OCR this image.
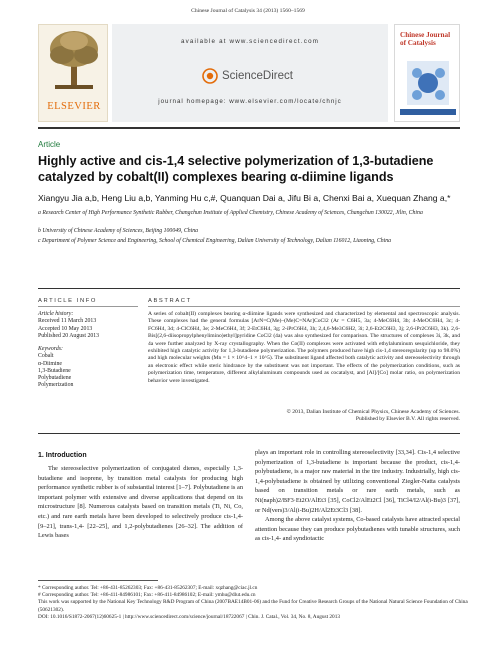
Chinese Journal of Catalysis 34 (2013) 1560–1569
ELSEVIER
available at www.sciencedirect.com
ScienceDirect
journal homepage: www.elsevier.com/locate/chnjc
Chinese Journal of Catalysis
Article
Highly active and cis-1,4 selective polymerization of 1,3-butadiene catalyzed by cobalt(II) complexes bearing α-diimine ligands
Xiangyu Jia a,b, Heng Liu a,b, Yanming Hu c,#, Quanquan Dai a, Jifu Bi a, Chenxi Bai a, Xuequan Zhang a,*
a Research Center of High Performance Synthetic Rubber, Changchun Institute of Applied Chemistry, Chinese Academy of Sciences, Changchun 130022, Jilin, China
b University of Chinese Academy of Sciences, Beijing 100049, China
c Department of Polymer Science and Engineering, School of Chemical Engineering, Dalian University of Technology, Dalian 116012, Liaoning, China
ARTICLE INFO	ABSTRACT
Article history:
Received 11 March 2013
Accepted 10 May 2013
Published 20 August 2013
Keywords:
Cobalt
α-Diimine
1,3-Butadiene
Polybutadiene
Polymerization
A series of cobalt(II) complexes bearing α-diimine ligands were synthesized and characterized by elemental and spectroscopic analysis. These complexes had the general formulas [ArN=C(Me)–(Me)C=NAr]CoCl2 (Ar = C6H5, 3a; 4-MeC6H4, 3b; 4-MeOC6H4, 3c; 4-FC6H4, 3d; 4-ClC6H4, 3e; 2-MeC6H4, 3f; 2-EtC6H4, 3g; 2-iPrC6H4, 3h; 2,4,6-Me3C6H2, 3i; 2,6-Et2C6H3, 3j; 2,6-iPr2C6H3, 3k). 2,6-Bis[(2,6-diisopropylphenylimino)ethyl]pyridine CoCl2 (4a) was also synthesized for comparison. The structures of complexes 3i, 3k, and 4a were further analyzed by X-ray crystallography. When the Co(II) complexes were activated with ethylaluminum sesquichloride, they exhibited high catalytic activity for 1,3-butadiene polymerization. The polymers produced have high cis-1,4 stereoregularity (up to 98.0%) and high molecular weights (Mn = 1 × 10^4–1 × 10^5). The substituent ligand affected both catalytic activity and stereoselectivity through an electronic effect while steric hindrance by the substituent was not important. The effects of the polymerization conditions, such as polymerization time, temperature, different alkylaluminum compounds used as cocatalyst, and [Al]/[Co] molar ratio, on polymerization behavior were investigated.
© 2013, Dalian Institute of Chemical Physics, Chinese Academy of Sciences.
Published by Elsevier B.V. All rights reserved.
1. Introduction

The stereoselective polymerization of conjugated dienes, especially 1,3-butadiene and isoprene, by transition metal catalysts for producing high performance synthetic rubber is of substantial interest [1–7]. Polybutadiene is an important polymer with extensive and diverse applications that depend on its microstructure [8]. Numerous catalysts based on transition metals (Ti, Ni, Co, etc.) and rare earth metals have been developed to selectively produce cis-1,4- [9–21], trans-1,4- [22–25], and 1,2-polybutadienes [26–32]. The addition of Lewis bases

plays an important role in controlling stereoselectivity [33,34]. Cis-1,4 selective polymerization of 1,3-butadiene is important because the product, cis-1,4-polybutadiene, is a major raw material in the tire industry. Industrially, high cis-1,4-polybutadiene is obtained by utilizing conventional Ziegler-Natta catalysts based on transition metals or rare earth metals, such as Ni(naph)2/BF3·Et2O/AlEt3 [35], CoCl2/AlEt2Cl [36], TiCl4/I2/Al(i-Bu)3 [37], or Nd(vers)3/Al(i-Bu)2H/Al2Et3Cl3 [38].

Among the above catalyst systems, Co-based catalysts have attracted special attention because they can produce polybutadienes with tunable structures, such as cis-1,4- and syndiotactic

* Corresponding author. Tel: +86-431-85262303; Fax: +86-431-85262307; E-mail: xqzhang@ciac.jl.cn
# Corresponding author. Tel: +86-411-84986101; Fax: +86-411-84986102; E-mail: ymhu@dlut.edu.cn
This work was supported by the National Key Technology R&D Program of China (2007BAE14B01-06) and the Fund for Creative Research Groups of the National Natural Science Foundation of China (50621302).
DOI: 10.1016/S1872-2067(12)60625-1 | http://www.sciencedirect.com/science/journal/18722067 | Chin. J. Catal., Vol. 34, No. 8, August 2013
